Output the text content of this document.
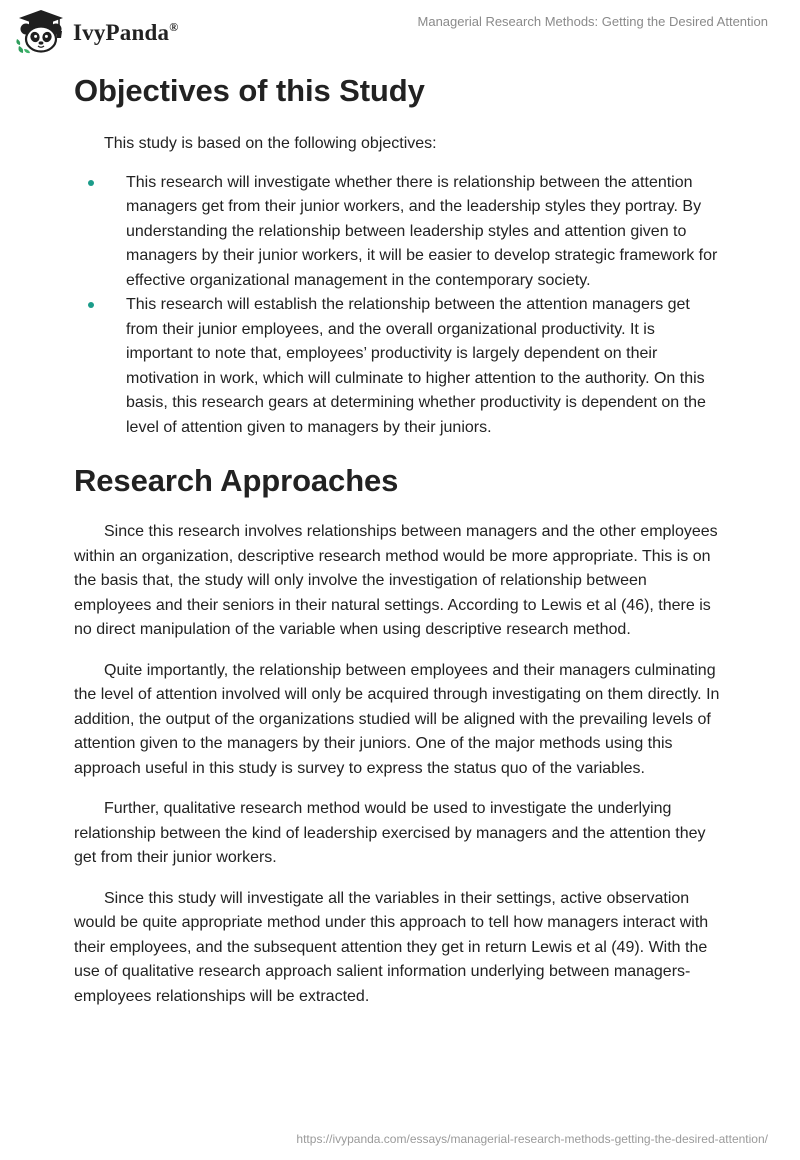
IvyPanda®	Managerial Research Methods: Getting the Desired Attention
Objectives of this Study

This study is based on the following objectives:

This research will investigate whether there is relationship between the attention managers get from their junior workers, and the leadership styles they portray. By understanding the relationship between leadership styles and attention given to managers by their junior workers, it will be easier to develop strategic framework for effective organizational management in the contemporary society.
This research will establish the relationship between the attention managers get from their junior employees, and the overall organizational productivity. It is important to note that, employees’ productivity is largely dependent on their motivation in work, which will culminate to higher attention to the authority. On this basis, this research gears at determining whether productivity is dependent on the level of attention given to managers by their juniors.
Research Approaches

Since this research involves relationships between managers and the other employees within an organization, descriptive research method would be more appropriate. This is on the basis that, the study will only involve the investigation of relationship between employees and their seniors in their natural settings. According to Lewis et al (46), there is no direct manipulation of the variable when using descriptive research method.

Quite importantly, the relationship between employees and their managers culminating the level of attention involved will only be acquired through investigating on them directly. In addition, the output of the organizations studied will be aligned with the prevailing levels of attention given to the managers by their juniors. One of the major methods using this approach useful in this study is survey to express the status quo of the variables.

Further, qualitative research method would be used to investigate the underlying relationship between the kind of leadership exercised by managers and the attention they get from their junior workers.

Since this study will investigate all the variables in their settings, active observation would be quite appropriate method under this approach to tell how managers interact with their employees, and the subsequent attention they get in return Lewis et al (49). With the use of qualitative research approach salient information underlying between managers-employees relationships will be extracted.

https://ivypanda.com/essays/managerial-research-methods-getting-the-desired-attention/
